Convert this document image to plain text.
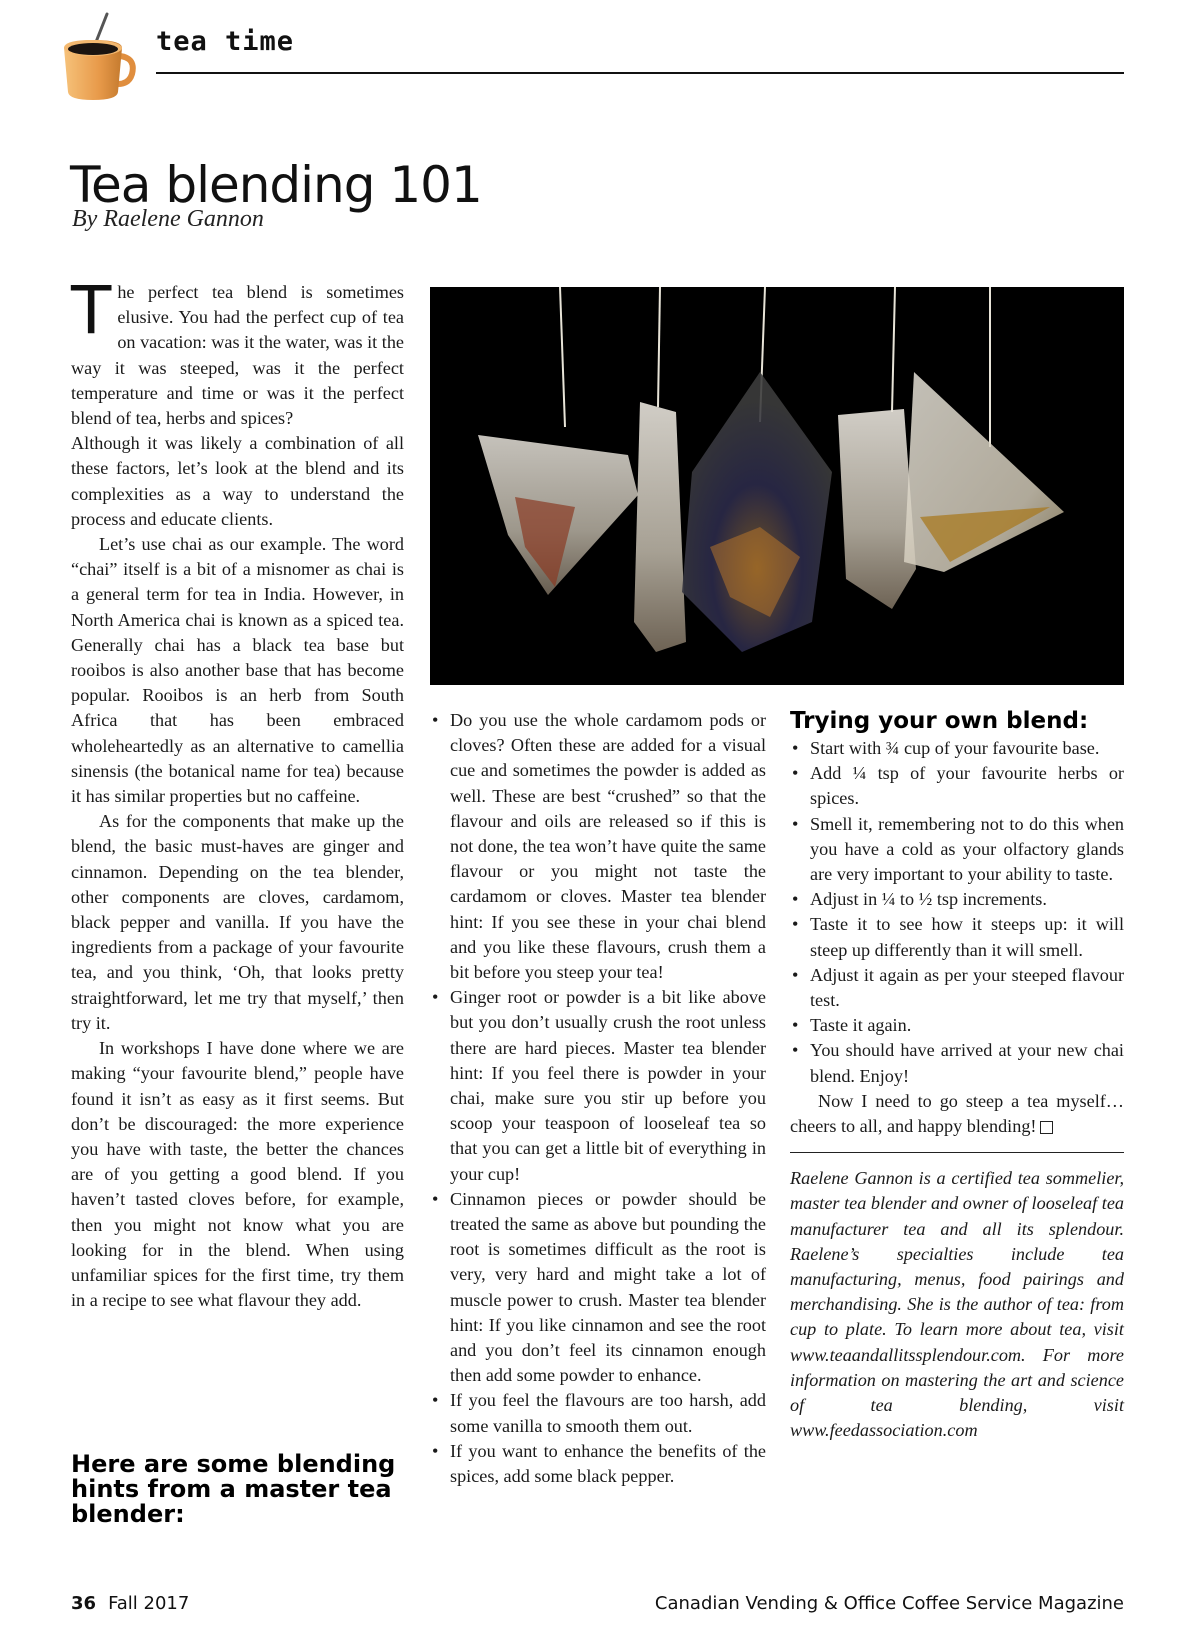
tea time
Tea blending 101
By Raelene Gannon

The perfect tea blend is sometimes elusive. You had the perfect cup of tea on vacation: was it the water, was it the way it was steeped, was it the perfect temperature and time or was it the perfect blend of tea, herbs and spices?

Although it was likely a combination of all these factors, let’s look at the blend and its complexities as a way to understand the process and educate clients.

Let’s use chai as our example. The word “chai” itself is a bit of a misnomer as chai is a general term for tea in India. However, in North America chai is known as a spiced tea. Generally chai has a black tea base but rooibos is also another base that has become popular. Rooibos is an herb from South Africa that has been embraced wholeheartedly as an alternative to camellia sinensis (the botanical name for tea) because it has similar properties but no caffeine.

As for the components that make up the blend, the basic must-haves are ginger and cinnamon. Depending on the tea blender, other components are cloves, cardamom, black pepper and vanilla. If you have the ingredients from a package of your favourite tea, and you think, ‘Oh, that looks pretty straightforward, let me try that myself,’ then try it.

In workshops I have done where we are making “your favourite blend,” people have found it isn’t as easy as it first seems. But don’t be discouraged: the more experience you have with taste, the better the chances are of you getting a good blend. If you haven’t tasted cloves before, for example, then you might not know what you are looking for in the blend. When using unfamiliar spices for the first time, try them in a recipe to see what flavour they add.

Here are some blending hints from a master tea blender:
• Do you use the whole cardamom pods or cloves? Often these are added for a visual cue and sometimes the powder is added as well. These are best “crushed” so that the flavour and oils are released so if this is not done, the tea won’t have quite the same flavour or you might not taste the cardamom or cloves. Master tea blender hint: If you see these in your chai blend and you like these flavours, crush them a bit before you steep your tea!
• Ginger root or powder is a bit like above but you don’t usually crush the root unless there are hard pieces. Master tea blender hint: If you feel there is powder in your chai, make sure you stir up before you scoop your teaspoon of looseleaf tea so that you can get a little bit of everything in your cup!
• Cinnamon pieces or powder should be treated the same as above but pounding the root is sometimes difficult as the root is very, very hard and might take a lot of muscle power to crush. Master tea blender hint: If you like cinnamon and see the root and you don’t feel its cinnamon enough then add some powder to enhance.
• If you feel the flavours are too harsh, add some vanilla to smooth them out.
• If you want to enhance the benefits of the spices, add some black pepper.
Trying your own blend:
• Start with ¾ cup of your favourite base.
• Add ¼ tsp of your favourite herbs or spices.
• Smell it, remembering not to do this when you have a cold as your olfactory glands are very important to your ability to taste.
• Adjust in ¼ to ½ tsp increments.
• Taste it to see how it steeps up: it will steep up differently than it will smell.
• Adjust it again as per your steeped flavour test.
• Taste it again.
• You should have arrived at your new chai blend. Enjoy!

Now I need to go steep a tea myself… cheers to all, and happy blending!

Raelene Gannon is a certified tea sommelier, master tea blender and owner of looseleaf tea manufacturer tea and all its splendour. Raelene’s specialties include tea manufacturing, menus, food pairings and merchandising. She is the author of tea: from cup to plate. To learn more about tea, visit www.teaandallitssplendour.com. For more information on mastering the art and science of tea blending, visit www.feedassociation.com

36 Fall 2017	Canadian Vending & Office Coffee Service Magazine
